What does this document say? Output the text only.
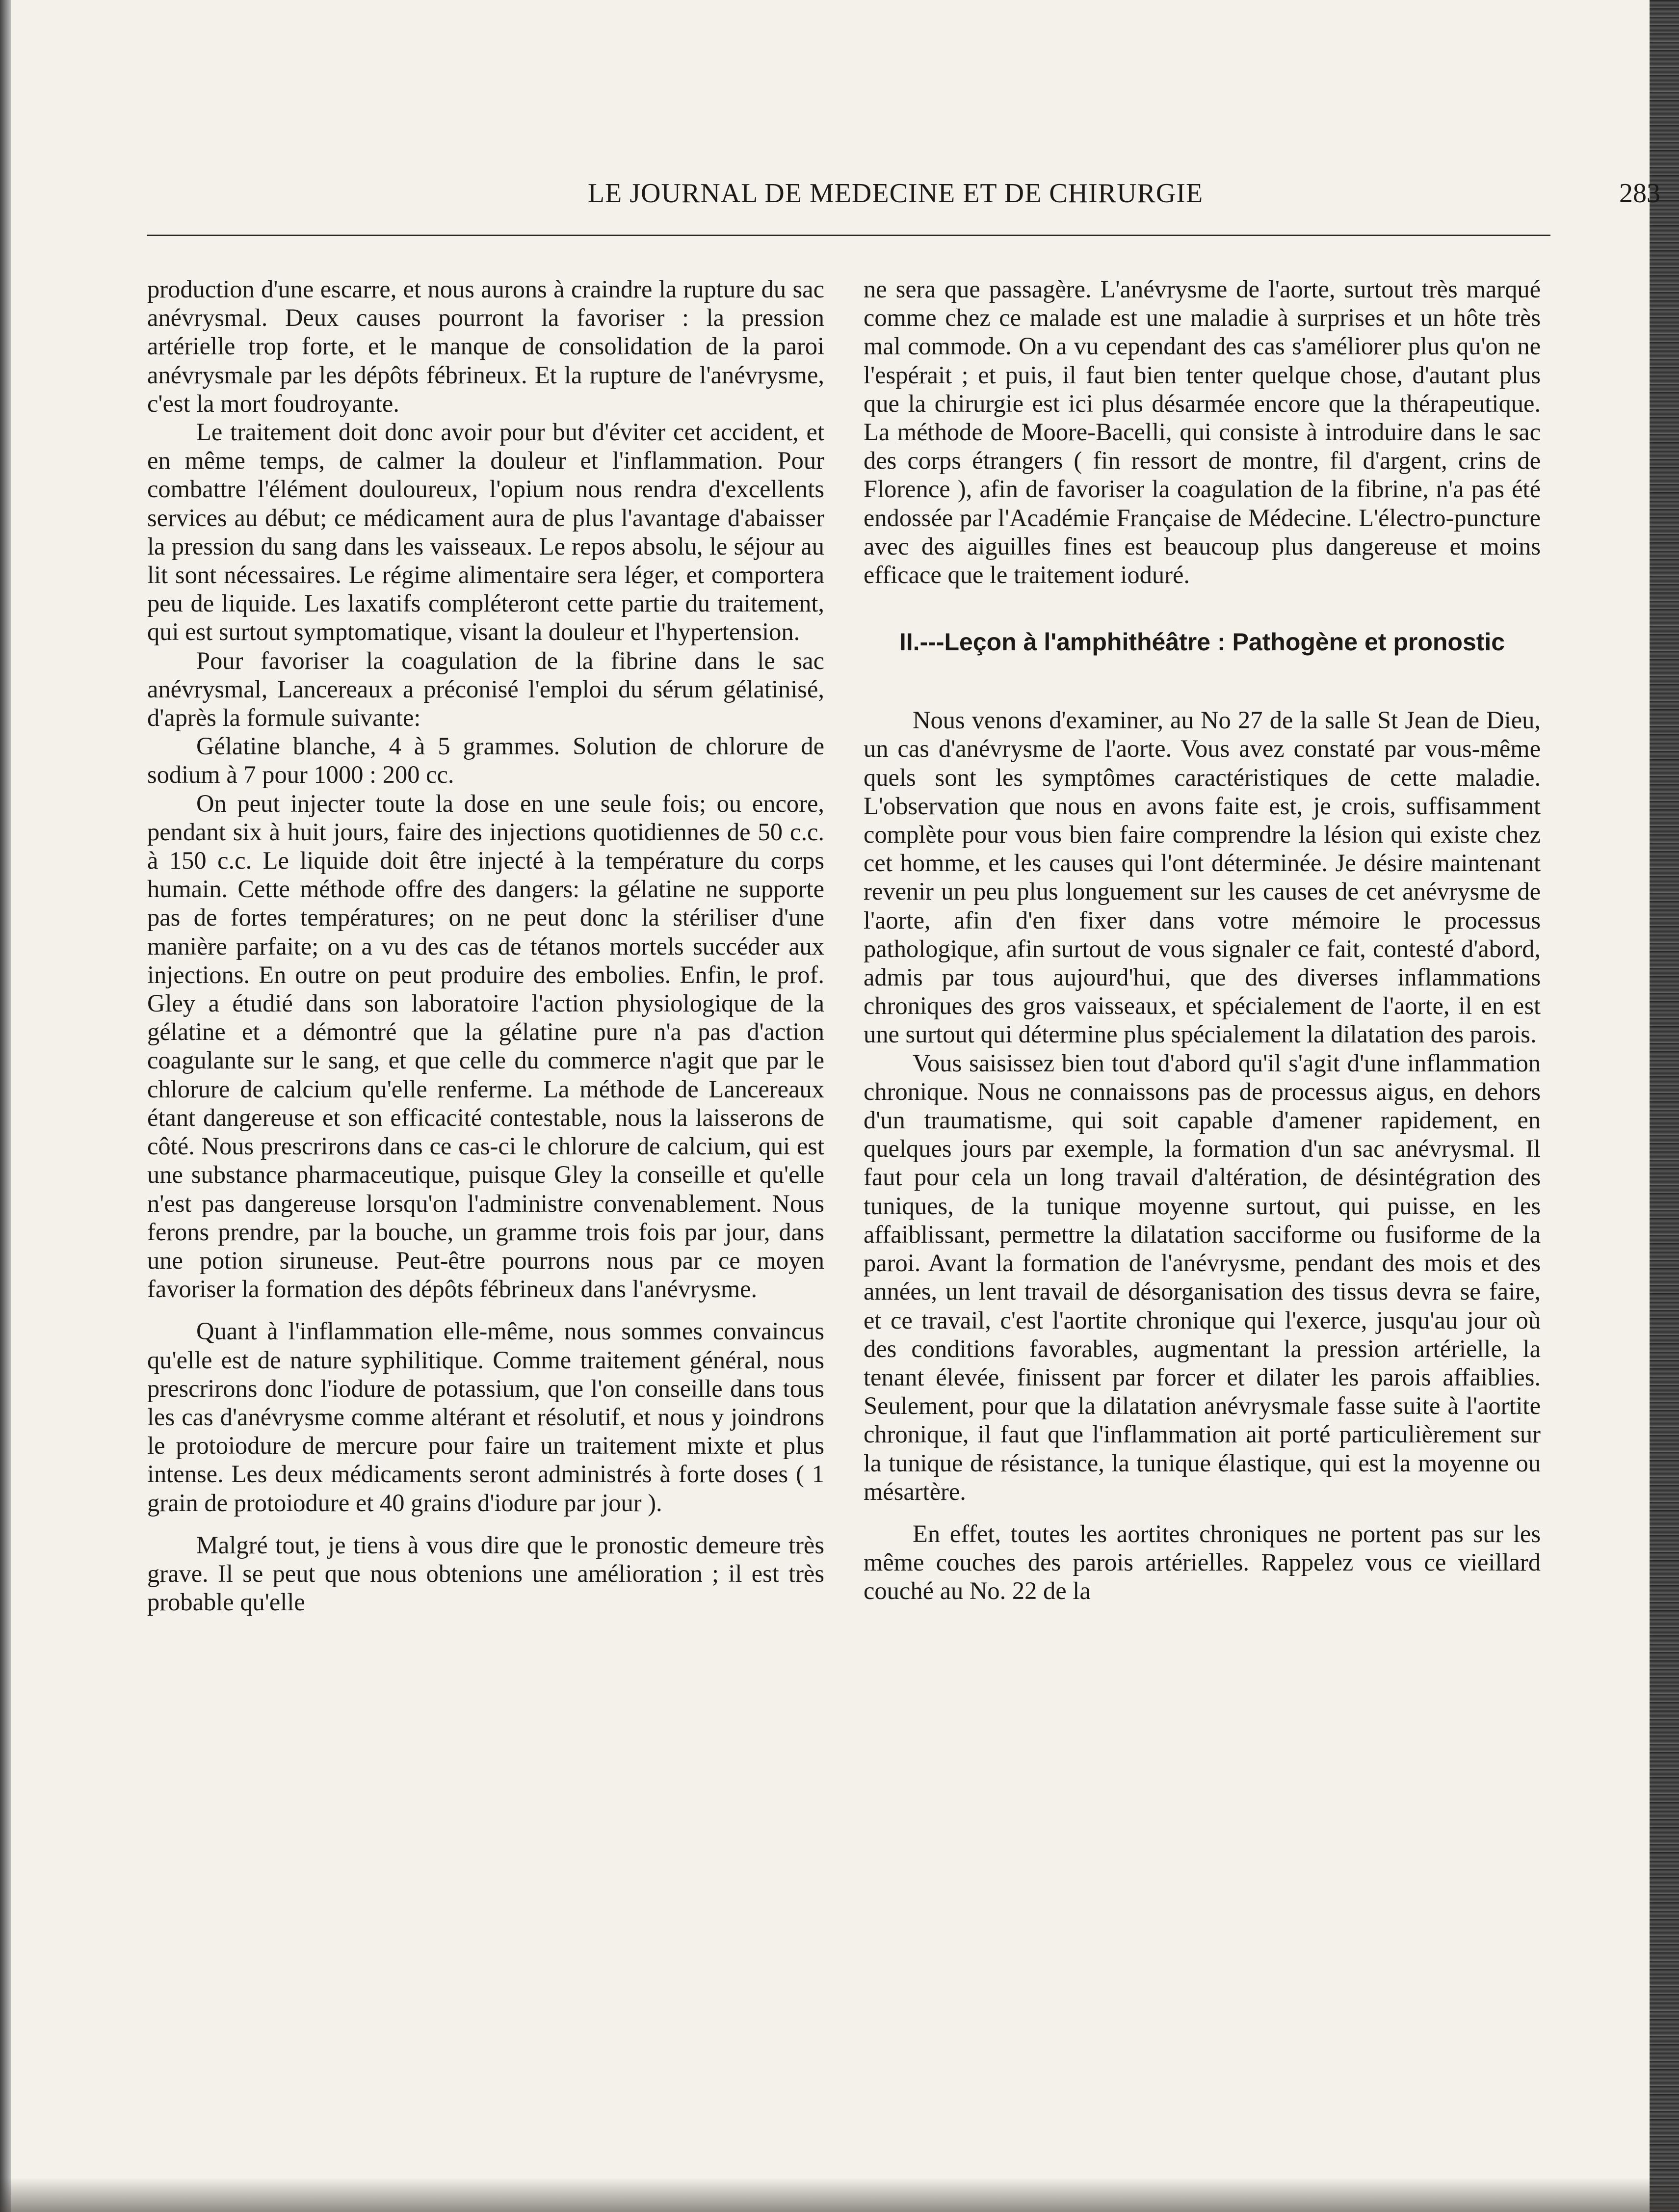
LE JOURNAL DE MEDECINE ET DE CHIRURGIE	283

production d'une escarre, et nous aurons à craindre la rupture du sac anévrysmal. Deux causes pourront la favoriser : la pression artérielle trop forte, et le manque de consolidation de la paroi anévrysmale par les dépôts fébrineux. Et la rupture de l'anévrysme, c'est la mort foudroyante.

Le traitement doit donc avoir pour but d'éviter cet accident, et en même temps, de calmer la douleur et l'inflammation. Pour combattre l'élément douloureux, l'opium nous rendra d'excellents services au début; ce médicament aura de plus l'avantage d'abaisser la pression du sang dans les vaisseaux. Le repos absolu, le séjour au lit sont nécessaires. Le régime alimentaire sera léger, et comportera peu de liquide. Les laxatifs compléteront cette partie du traitement, qui est surtout symptomatique, visant la douleur et l'hypertension.

Pour favoriser la coagulation de la fibrine dans le sac anévrysmal, Lancereaux a préconisé l'emploi du sérum gélatinisé, d'après la formule suivante:

Gélatine blanche, 4 à 5 grammes. Solution de chlorure de sodium à 7 pour 1000 : 200 cc.

On peut injecter toute la dose en une seule fois; ou encore, pendant six à huit jours, faire des injections quotidiennes de 50 c.c. à 150 c.c. Le liquide doit être injecté à la température du corps humain. Cette méthode offre des dangers: la gélatine ne supporte pas de fortes températures; on ne peut donc la stériliser d'une manière parfaite; on a vu des cas de tétanos mortels succéder aux injections. En outre on peut produire des embolies. Enfin, le prof. Gley a étudié dans son laboratoire l'action physiologique de la gélatine et a démontré que la gélatine pure n'a pas d'action coagulante sur le sang, et que celle du commerce n'agit que par le chlorure de calcium qu'elle renferme. La méthode de Lancereaux étant dangereuse et son efficacité contestable, nous la laisserons de côté. Nous prescrirons dans ce cas-ci le chlorure de calcium, qui est une substance pharmaceutique, puisque Gley la conseille et qu'elle n'est pas dangereuse lorsqu'on l'administre convenablement. Nous ferons prendre, par la bouche, un gramme trois fois par jour, dans une potion siruneuse. Peut-être pourrons nous par ce moyen favoriser la formation des dépôts fébrineux dans l'anévrysme.

Quant à l'inflammation elle-même, nous sommes convaincus qu'elle est de nature syphilitique. Comme traitement général, nous prescrirons donc l'iodure de potassium, que l'on conseille dans tous les cas d'anévrysme comme altérant et résolutif, et nous y joindrons le protoiodure de mercure pour faire un traitement mixte et plus intense. Les deux médicaments seront administrés à forte doses ( 1 grain de protoiodure et 40 grains d'iodure par jour ).

Malgré tout, je tiens à vous dire que le pronostic demeure très grave. Il se peut que nous obtenions une amélioration ; il est très probable qu'elle

ne sera que passagère. L'anévrysme de l'aorte, surtout très marqué comme chez ce malade est une maladie à surprises et un hôte très mal commode. On a vu cependant des cas s'améliorer plus qu'on ne l'espérait ; et puis, il faut bien tenter quelque chose, d'autant plus que la chirurgie est ici plus désarmée encore que la thérapeutique. La méthode de Moore-Bacelli, qui consiste à introduire dans le sac des corps étrangers ( fin ressort de montre, fil d'argent, crins de Florence ), afin de favoriser la coagulation de la fibrine, n'a pas été endossée par l'Académie Française de Médecine. L'électro-puncture avec des aiguilles fines est beaucoup plus dangereuse et moins efficace que le traitement ioduré.

II.---Leçon à l'amphithéâtre : Pathogène et pronostic

Nous venons d'examiner, au No 27 de la salle St Jean de Dieu, un cas d'anévrysme de l'aorte. Vous avez constaté par vous-même quels sont les symptômes caractéristiques de cette maladie. L'observation que nous en avons faite est, je crois, suffisamment complète pour vous bien faire comprendre la lésion qui existe chez cet homme, et les causes qui l'ont déterminée. Je désire maintenant revenir un peu plus longuement sur les causes de cet anévrysme de l'aorte, afin d'en fixer dans votre mémoire le processus pathologique, afin surtout de vous signaler ce fait, contesté d'abord, admis par tous aujourd'hui, que des diverses inflammations chroniques des gros vaisseaux, et spécialement de l'aorte, il en est une surtout qui détermine plus spécialement la dilatation des parois.

Vous saisissez bien tout d'abord qu'il s'agit d'une inflammation chronique. Nous ne connaissons pas de processus aigus, en dehors d'un traumatisme, qui soit capable d'amener rapidement, en quelques jours par exemple, la formation d'un sac anévrysmal. Il faut pour cela un long travail d'altération, de désintégration des tuniques, de la tunique moyenne surtout, qui puisse, en les affaiblissant, permettre la dilatation sacciforme ou fusiforme de la paroi. Avant la formation de l'anévrysme, pendant des mois et des années, un lent travail de désorganisation des tissus devra se faire, et ce travail, c'est l'aortite chronique qui l'exerce, jusqu'au jour où des conditions favorables, augmentant la pression artérielle, la tenant élevée, finissent par forcer et dilater les parois affaiblies. Seulement, pour que la dilatation anévrysmale fasse suite à l'aortite chronique, il faut que l'inflammation ait porté particulièrement sur la tunique de résistance, la tunique élastique, qui est la moyenne ou mésartère.

En effet, toutes les aortites chroniques ne portent pas sur les même couches des parois artérielles. Rappelez vous ce vieillard couché au No. 22 de la
